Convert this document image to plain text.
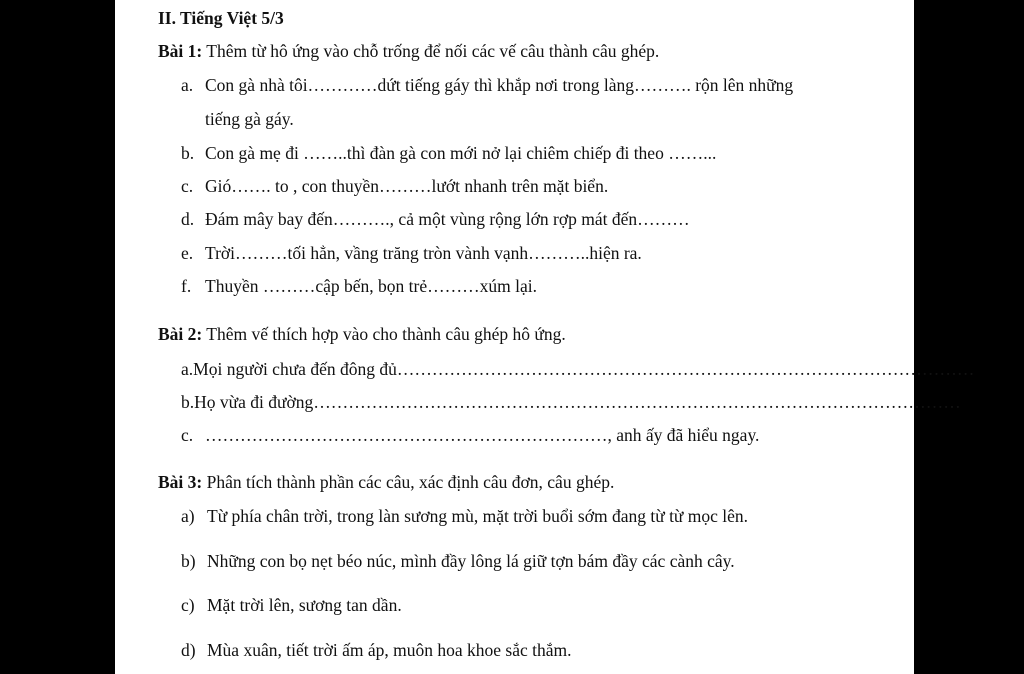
II. Tiếng Việt 5/3
Bài 1: Thêm từ hô ứng vào chỗ trống để nối các vế câu thành câu ghép.
a. Con gà nhà tôi…………dứt tiếng gáy thì khắp nơi trong làng………. rộn lên những
tiếng gà gáy.
b. Con gà mẹ đi ……..thì đàn gà con mới nở lại chiêm chiếp đi theo ……...
c. Gió……. to , con thuyền………lướt nhanh trên mặt biển.
d. Đám mây bay đến………., cả một vùng rộng lớn rợp mát đến………
e. Trời………tối hẳn, vầng trăng tròn vành vạnh………..hiện ra.
f. Thuyền ………cập bến, bọn trẻ………xúm lại.
Bài 2: Thêm vế thích hợp vào cho thành câu ghép hô ứng.
a. Mọi người chưa đến đông đủ ………………………………………………………………………………………
b. Họ vừa đi đường …………………………………………………………………………………………………
c. ……………………………………………………………, anh ấy đã hiểu ngay.
Bài 3: Phân tích thành phần các câu, xác định câu đơn, câu ghép.
a) Từ phía chân trời, trong làn sương mù, mặt trời buổi sớm đang từ từ mọc lên.
b) Những con bọ nẹt béo núc, mình đầy lông lá giữ tợn bám đầy các cành cây.
c) Mặt trời lên, sương tan dần.
d) Mùa xuân, tiết trời ấm áp, muôn hoa khoe sắc thắm.
